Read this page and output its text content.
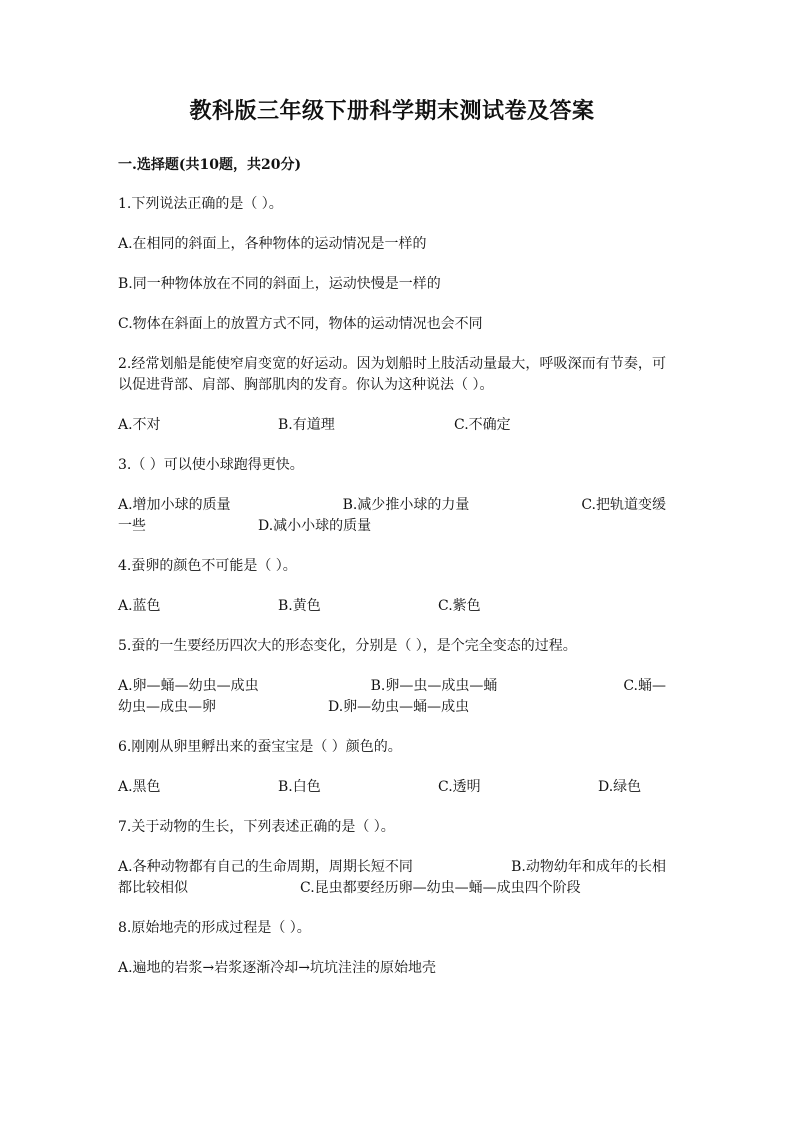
教科版三年级下册科学期末测试卷及答案
一.选择题(共10题，共20分)
1.下列说法正确的是（ ）。
A.在相同的斜面上，各种物体的运动情况是一样的
B.同一种物体放在不同的斜面上，运动快慢是一样的
C.物体在斜面上的放置方式不同，物体的运动情况也会不同
2.经常划船是能使窄肩变宽的好运动。因为划船时上肢活动量最大，呼吸深而有节奏，可以促进背部、肩部、胸部肌肉的发育。你认为这种说法（ ）。
A.不对	B.有道理	C.不确定
3.（ ）可以使小球跑得更快。
A.增加小球的质量　　　　　　　　B.减少推小球的力量　　　　　　　　C.把轨道变缓一些　　　　　　　　D.减小小球的质量
4.蚕卵的颜色不可能是（ ）。
A.蓝色	B.黄色	C.紫色
5.蚕的一生要经历四次大的形态变化，分别是（ ），是个完全变态的过程。
A.卵—蛹—幼虫—成虫　　　　　　　　B.卵—虫—成虫—蛹　　　　　　　　　C.蛹—幼虫—成虫—卵　　　　　　　　D.卵—幼虫—蛹—成虫
6.刚刚从卵里孵出来的蚕宝宝是（ ）颜色的。
A.黑色	B.白色	C.透明	D.绿色
7.关于动物的生长，下列表述正确的是（ ）。
A.各种动物都有自己的生命周期，周期长短不同　　　　　　　B.动物幼年和成年的长相都比较相似　　　　　　　　C.昆虫都要经历卵—幼虫—蛹—成虫四个阶段
8.原始地壳的形成过程是（ ）。
A.遍地的岩浆→岩浆逐渐冷却→坑坑洼洼的原始地壳
